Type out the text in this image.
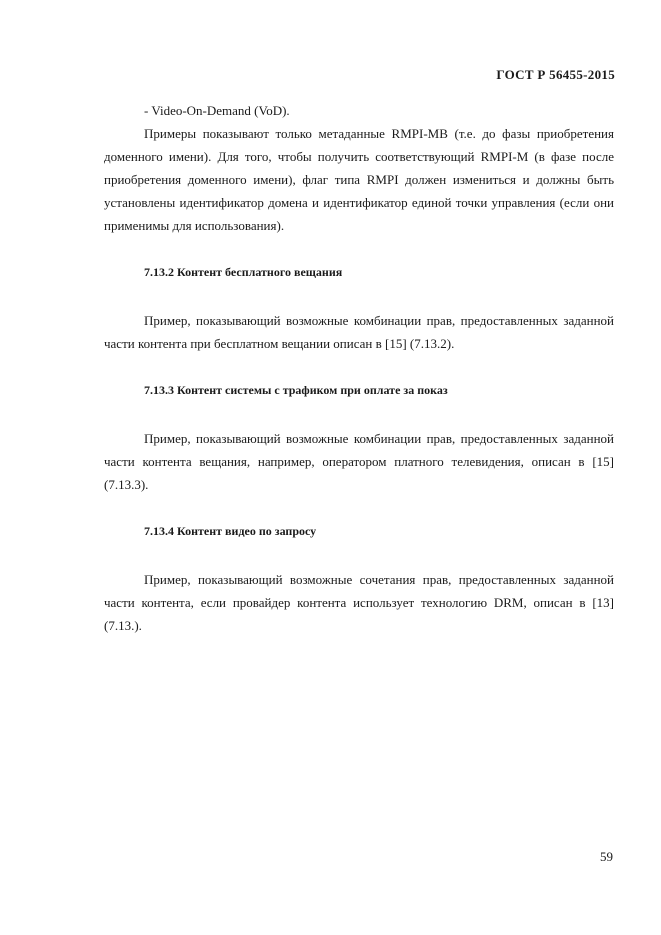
ГОСТ Р 56455-2015

- Video-On-Demand (VoD).

Примеры показывают только метаданные RMPI-MB (т.е. до фазы приобретения доменного имени). Для того, чтобы получить соответствующий RMPI-M (в фазе после приобретения доменного имени), флаг типа RMPI должен измениться и должны быть установлены идентификатор домена и идентификатор единой точки управления (если они применимы для использования).

7.13.2 Контент бесплатного вещания

Пример, показывающий возможные комбинации прав, предоставленных заданной части контента при бесплатном вещании описан в [15] (7.13.2).

7.13.3 Контент системы с трафиком при оплате за показ

Пример, показывающий возможные комбинации прав, предоставленных заданной части контента вещания, например, оператором платного телевидения, описан в [15] (7.13.3).

7.13.4 Контент видео по запросу

Пример, показывающий возможные сочетания прав, предоставленных заданной части контента, если провайдер контента использует технологию DRM, описан в [13] (7.13.).

59
